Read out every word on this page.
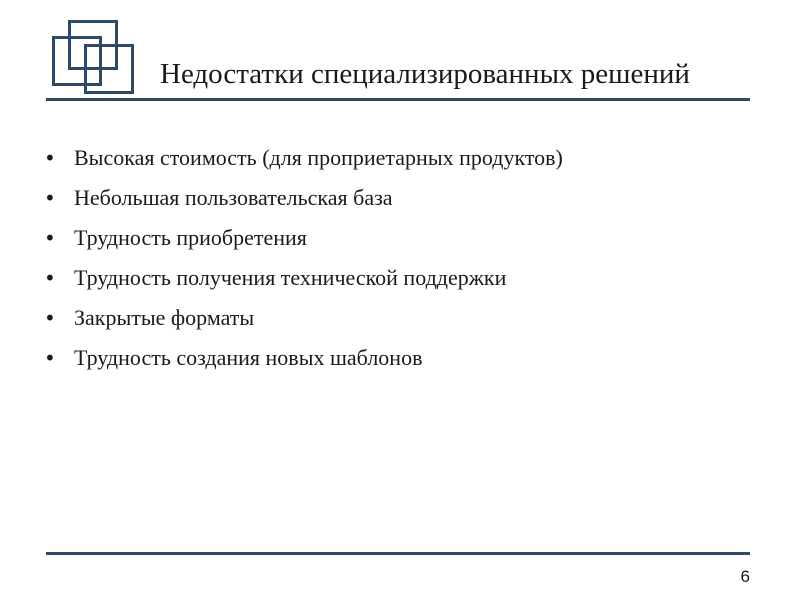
Недостатки специализированных решений
• Высокая стоимость (для проприетарных продуктов)
• Небольшая пользовательская база
• Трудность приобретения
• Трудность получения технической поддержки
• Закрытые форматы
• Трудность создания новых шаблонов
6
